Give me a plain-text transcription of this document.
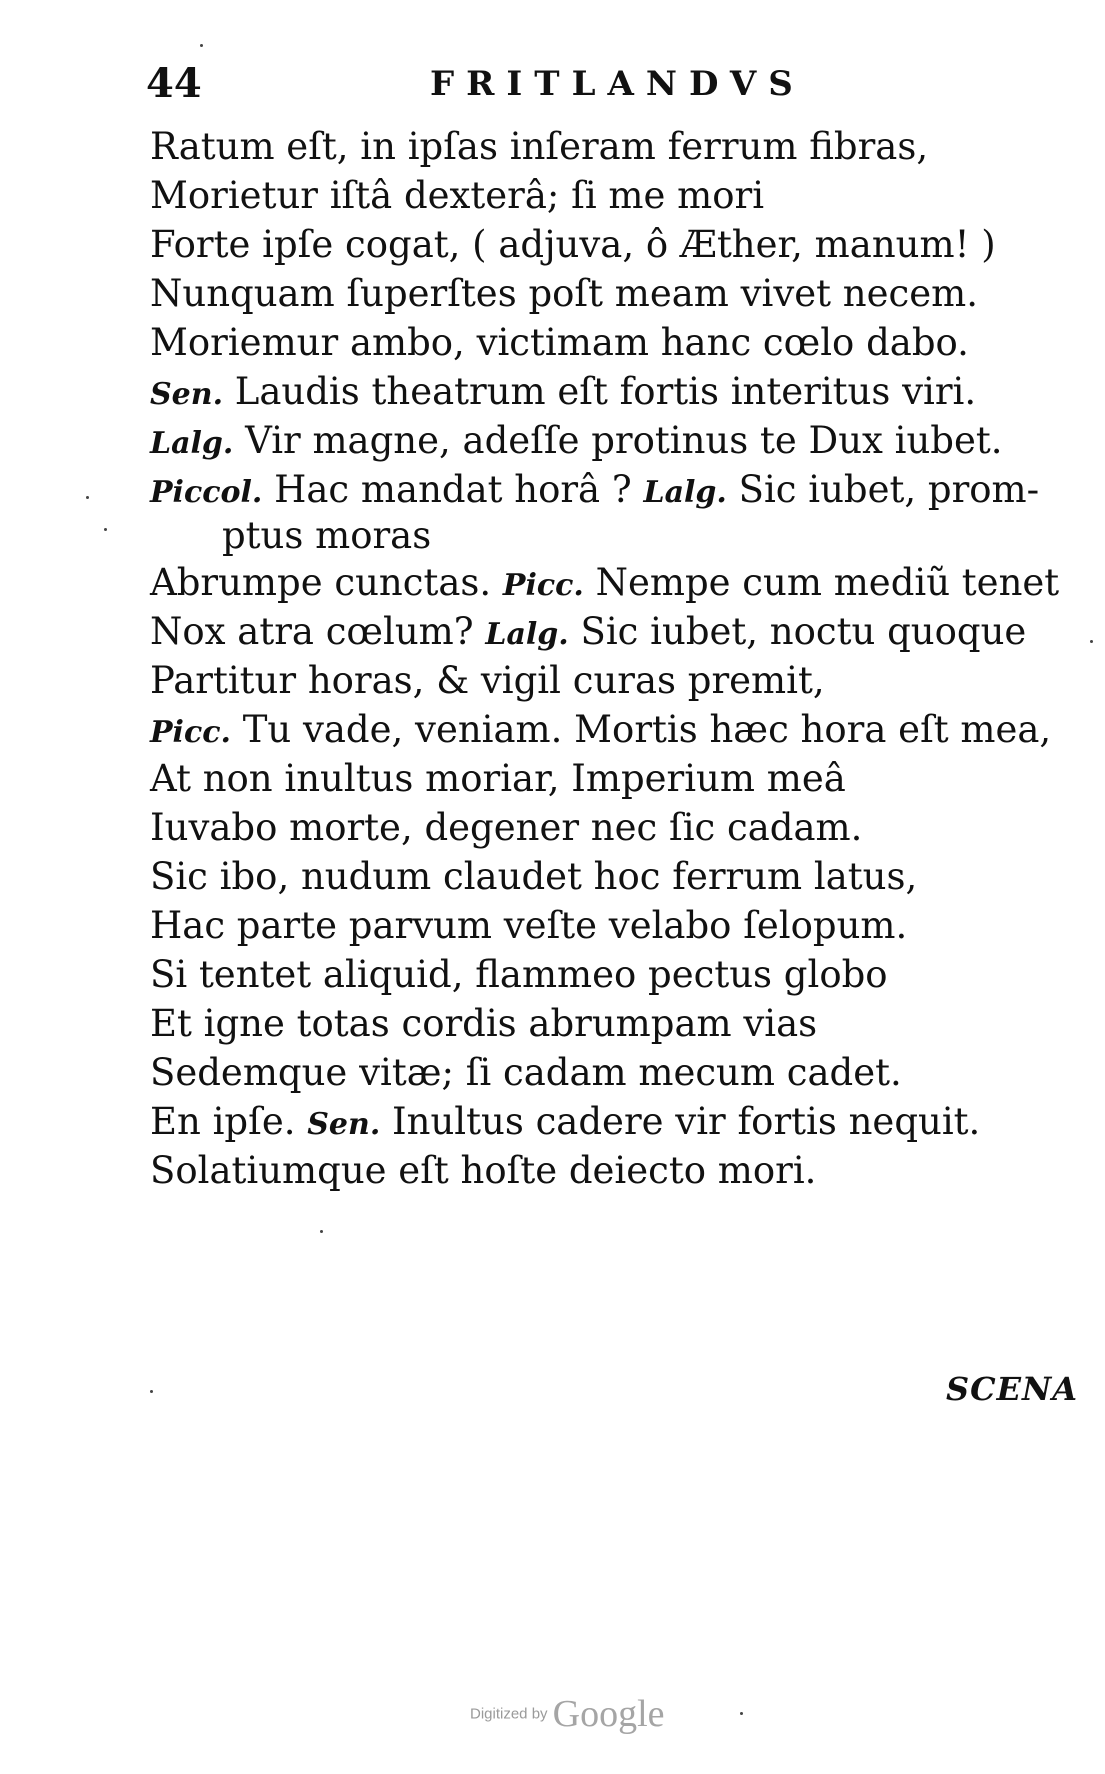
44	FRITLANDVS
Ratum eſt, in ipſas inſeram ferrum fibras,
Morietur iſtâ dexterâ; ſi me mori
Forte ipſe cogat, ( adjuva, ô Æther, manum! )
Nunquam ſuperſtes poſt meam vivet necem.
Moriemur ambo, victimam hanc cœlo dabo.
Sen. Laudis theatrum eſt fortis interitus viri.
Lalg. Vir magne, adeſſe protinus te Dux iubet.
Piccol. Hac mandat horâ ? Lalg. Sic iubet, prom-
ptus moras
Abrumpe cunctas. Picc. Nempe cum mediũ tenet
Nox atra cœlum? Lalg. Sic iubet, noctu quoque
Partitur horas, & vigil curas premit,
Picc. Tu vade, veniam. Mortis hæc hora eſt mea,
At non inultus moriar, Imperium meâ
Iuvabo morte, degener nec ſic cadam.
Sic ibo, nudum claudet hoc ferrum latus,
Hac parte parvum veſte velabo ſelopum.
Si tentet aliquid, flammeo pectus globo
Et igne totas cordis abrumpam vias
Sedemque vitæ; ſi cadam mecum cadet.
En ipſe. Sen. Inultus cadere vir fortis nequit.
Solatiumque eſt hoſte deiecto mori.
SCENA
Digitized by Google
